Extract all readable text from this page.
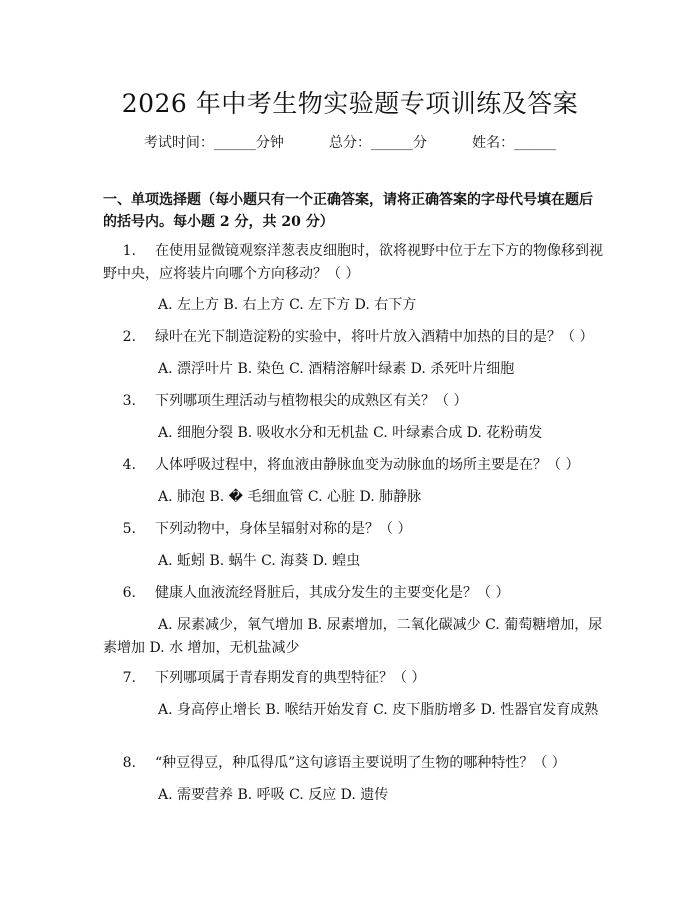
2026 年中考生物实验题专项训练及答案
考试时间：______分钟	总分：______分	姓名：______
一、单项选择题（每小题只有一个正确答案，请将正确答案的字母代号填在题后的括号内。每小题 2 分，共 20 分）
1. 在使用显微镜观察洋葱表皮细胞时，欲将视野中位于左下方的物像移到视野中央，应将装片向哪个方向移动？（ ）
A. 左上方 B. 右上方 C. 左下方 D. 右下方
2. 绿叶在光下制造淀粉的实验中，将叶片放入酒精中加热的目的是？（ ）
A. 漂浮叶片 B. 染色 C. 酒精溶解叶绿素 D. 杀死叶片细胞
3. 下列哪项生理活动与植物根尖的成熟区有关？（ ）
A. 细胞分裂 B. 吸收水分和无机盐 C. 叶绿素合成 D. 花粉萌发
4. 人体呼吸过程中，将血液由静脉血变为动脉血的场所主要是在？（ ）
A. 肺泡 B. � 毛细血管 C. 心脏 D. 肺静脉
5. 下列动物中，身体呈辐射对称的是？（ ）
A. 蚯蚓 B. 蜗牛 C. 海葵 D. 蝗虫
6. 健康人血液流经肾脏后，其成分发生的主要变化是？（ ）
A. 尿素减少，氧气增加 B. 尿素增加，二氧化碳减少 C. 葡萄糖增加，尿素增加 D. 水 增加，无机盐减少
7. 下列哪项属于青春期发育的典型特征？（ ）
A. 身高停止增长 B. 喉结开始发育 C. 皮下脂肪增多 D. 性器官发育成熟
8. “种豆得豆，种瓜得瓜”这句谚语主要说明了生物的哪种特性？（ ）
A. 需要营养 B. 呼吸 C. 反应 D. 遗传
